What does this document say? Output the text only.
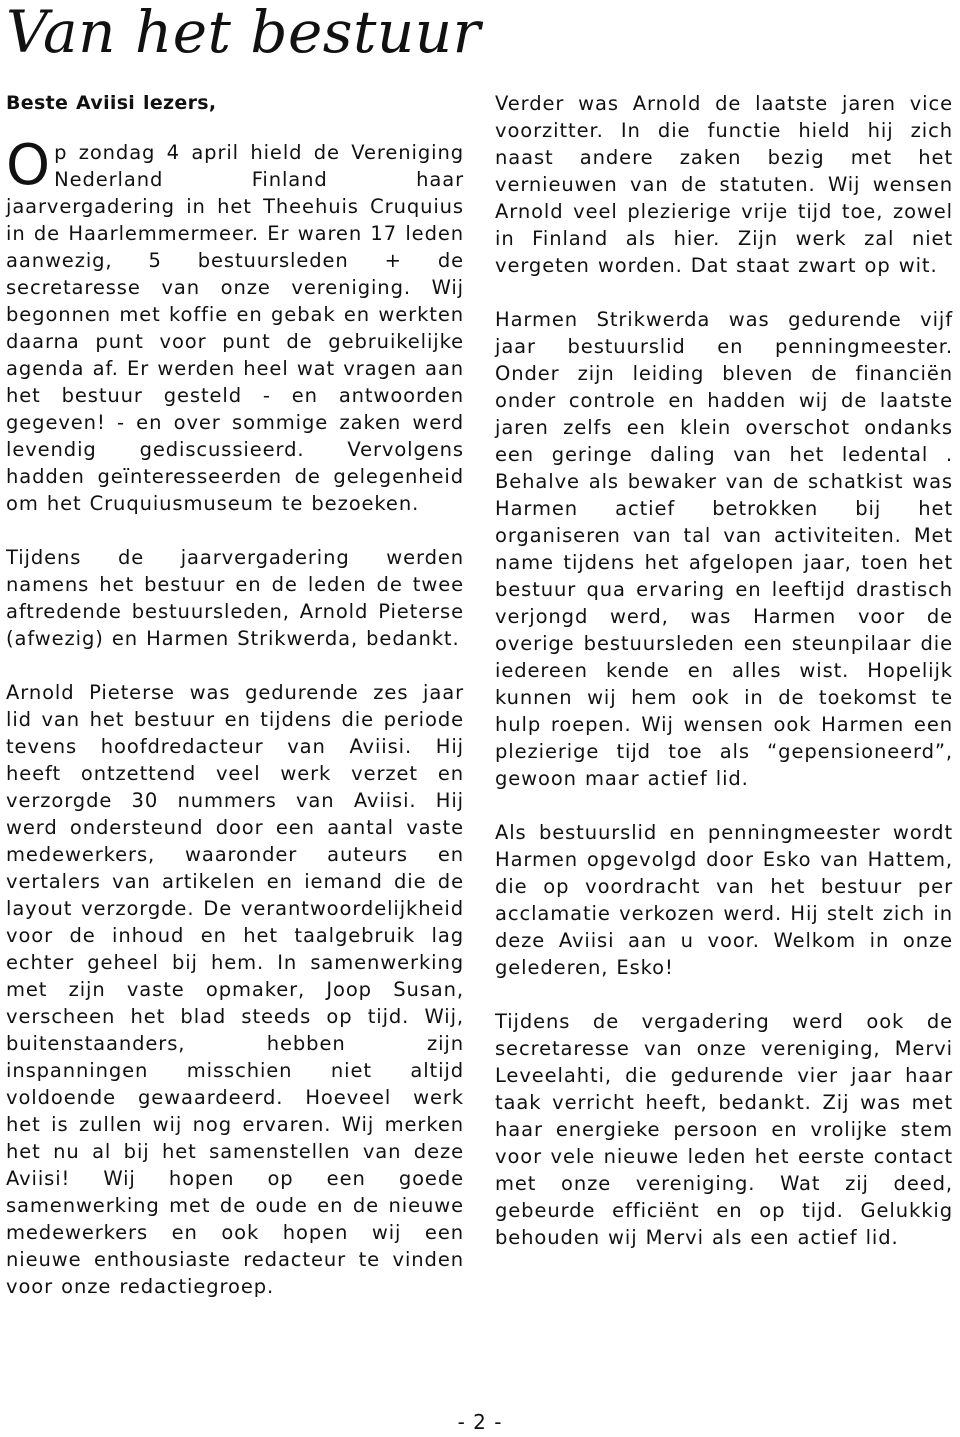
Van het bestuur

Beste Aviisi lezers,

Op zondag 4 april hield de Vereniging Nederland Finland haar jaarvergadering in het Theehuis Cruquius in de Haarlemmermeer. Er waren 17 leden aanwezig, 5 bestuursleden + de secretaresse van onze vereniging. Wij begonnen met koffie en gebak en werkten daarna punt voor punt de gebruikelijke agenda af. Er werden heel wat vragen aan het bestuur gesteld - en antwoorden gegeven! - en over sommige zaken werd levendig gediscussieerd. Vervolgens hadden geïnteresseerden de gelegenheid om het Cruquiusmuseum te bezoeken.

Tijdens de jaarvergadering werden namens het bestuur en de leden de twee aftredende bestuursleden, Arnold Pieterse (afwezig) en Harmen Strikwerda, bedankt.

Arnold Pieterse was gedurende zes jaar lid van het bestuur en tijdens die periode tevens hoofdredacteur van Aviisi. Hij heeft ontzettend veel werk verzet en verzorgde 30 nummers van Aviisi. Hij werd ondersteund door een aantal vaste medewerkers, waaronder auteurs en vertalers van artikelen en iemand die de layout verzorgde. De verantwoordelijkheid voor de inhoud en het taalgebruik lag echter geheel bij hem. In samenwerking met zijn vaste opmaker, Joop Susan, verscheen het blad steeds op tijd. Wij, buitenstaanders, hebben zijn inspanningen misschien niet altijd voldoende gewaardeerd. Hoeveel werk het is zullen wij nog ervaren. Wij merken het nu al bij het samenstellen van deze Aviisi! Wij hopen op een goede samenwerking met de oude en de nieuwe medewerkers en ook hopen wij een nieuwe enthousiaste redacteur te vinden voor onze redactiegroep.

Verder was Arnold de laatste jaren vice voorzitter. In die functie hield hij zich naast andere zaken bezig met het vernieuwen van de statuten. Wij wensen Arnold veel plezierige vrije tijd toe, zowel in Finland als hier. Zijn werk zal niet vergeten worden. Dat staat zwart op wit.

Harmen Strikwerda was gedurende vijf jaar bestuurslid en penningmeester. Onder zijn leiding bleven de financiën onder controle en hadden wij de laatste jaren zelfs een klein overschot ondanks een geringe daling van het ledental . Behalve als bewaker van de schatkist was Harmen actief betrokken bij het organiseren van tal van activiteiten. Met name tijdens het afgelopen jaar, toen het bestuur qua ervaring en leeftijd drastisch verjongd werd, was Harmen voor de overige bestuursleden een steunpilaar die iedereen kende en alles wist. Hopelijk kunnen wij hem ook in de toekomst te hulp roepen. Wij wensen ook Harmen een plezierige tijd toe als “gepensioneerd”, gewoon maar actief lid.

Als bestuurslid en penningmeester wordt Harmen opgevolgd door Esko van Hattem, die op voordracht van het bestuur per acclamatie verkozen werd. Hij stelt zich in deze Aviisi aan u voor. Welkom in onze gelederen, Esko!

Tijdens de vergadering werd ook de secretaresse van onze vereniging, Mervi Leveelahti, die gedurende vier jaar haar taak verricht heeft, bedankt. Zij was met haar energieke persoon en vrolijke stem voor vele nieuwe leden het eerste contact met onze vereniging. Wat zij deed, gebeurde efficiënt en op tijd. Gelukkig behouden wij Mervi als een actief lid.

- 2 -
